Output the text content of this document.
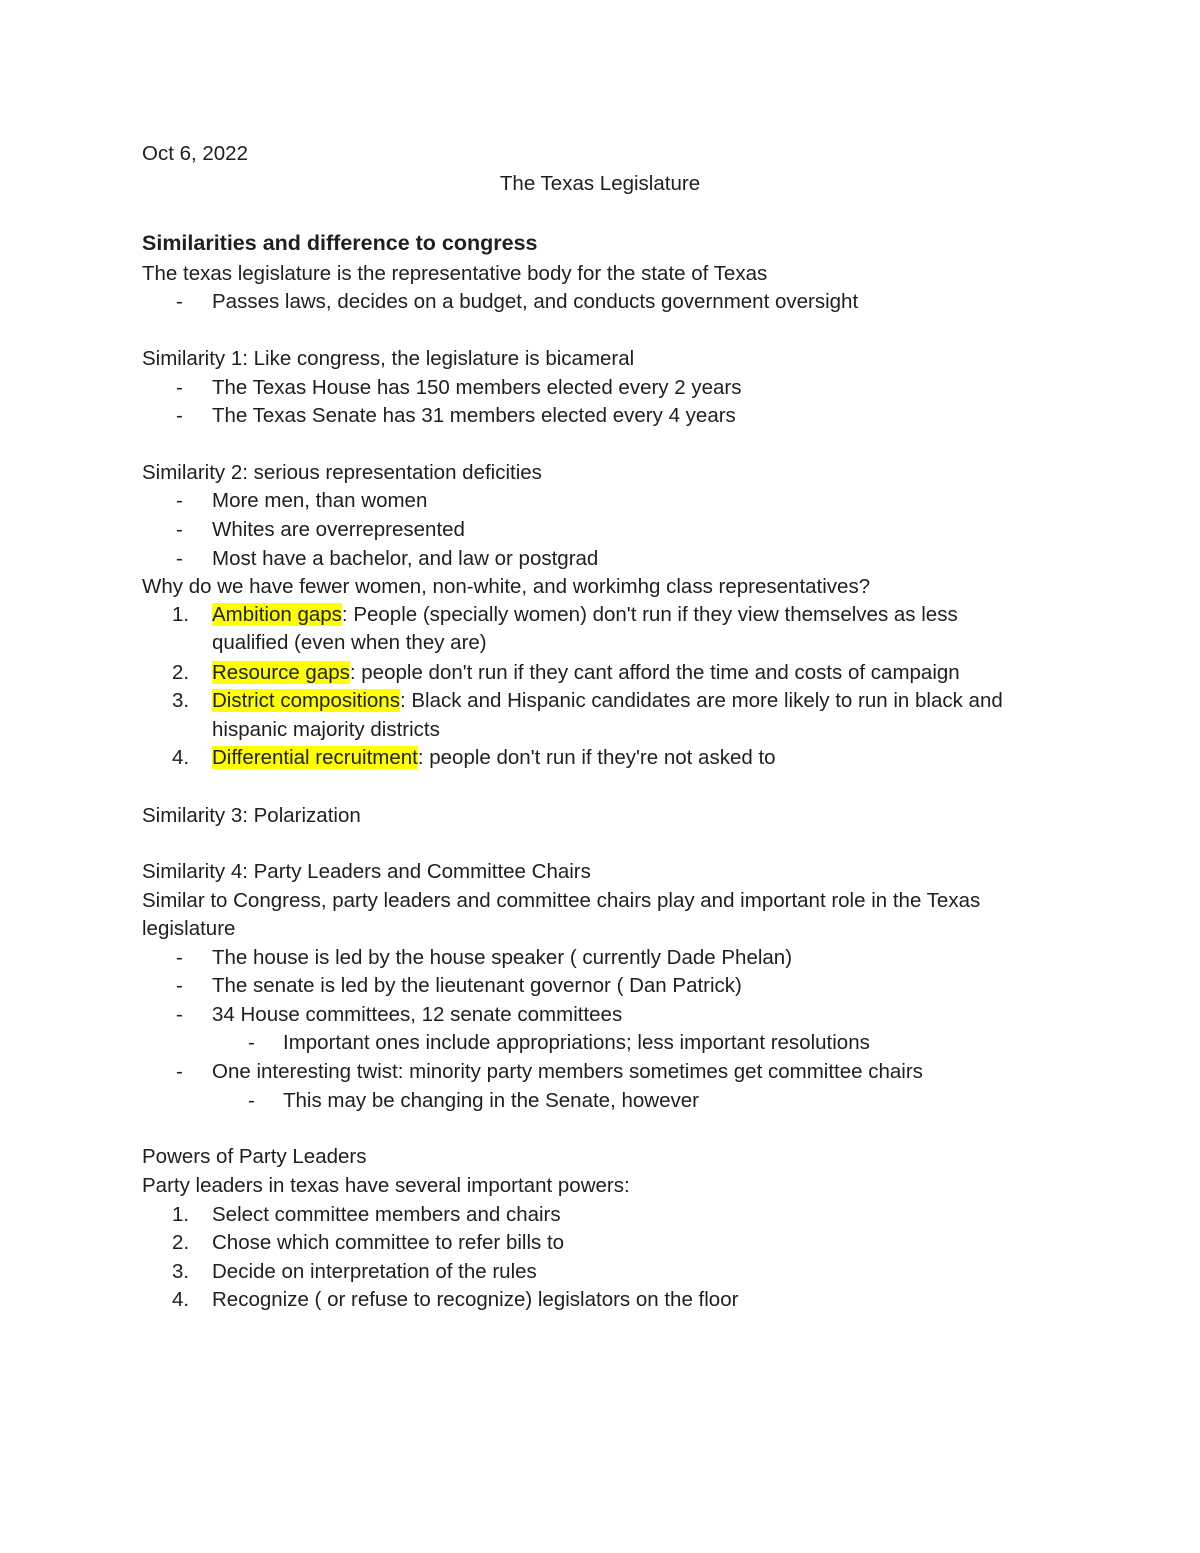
Oct 6, 2022
The Texas Legislature
Similarities and difference to congress
The texas legislature is the representative body for the state of Texas
- Passes laws, decides on a budget, and conducts government oversight
Similarity 1: Like congress, the legislature is bicameral
- The Texas House has 150 members elected every 2 years
- The Texas Senate has 31 members elected every 4 years
Similarity 2: serious representation deficities
- More men, than women
- Whites are overrepresented
- Most have a bachelor, and law or postgrad
Why do we have fewer women, non-white, and workimhg class representatives?
1. Ambition gaps: People (specially women) don't run if they view themselves as less
qualified (even when they are)
2. Resource gaps: people don't run if they cant afford the time and costs of campaign
3. District compositions: Black and Hispanic candidates are more likely to run in black and
hispanic majority districts
4. Differential recruitment: people don't run if they're not asked to
Similarity 3: Polarization
Similarity 4: Party Leaders and Committee Chairs
Similar to Congress, party leaders and committee chairs play and important role in the Texas
legislature
- The house is led by the house speaker ( currently Dade Phelan)
- The senate is led by the lieutenant governor ( Dan Patrick)
- 34 House committees, 12 senate committees
- Important ones include appropriations; less important resolutions
- One interesting twist: minority party members sometimes get committee chairs
- This may be changing in the Senate, however
Powers of Party Leaders
Party leaders in texas have several important powers:
1. Select committee members and chairs
2. Chose which committee to refer bills to
3. Decide on interpretation of the rules
4. Recognize ( or refuse to recognize) legislators on the floor
